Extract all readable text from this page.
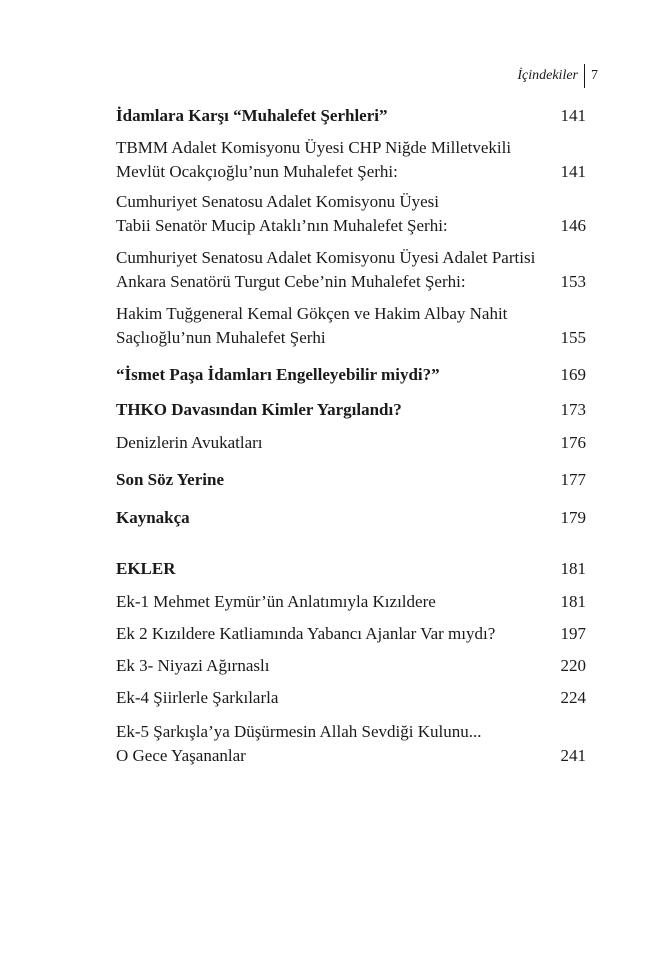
İçindekiler 7
İdamlara Karşı “Muhalefet Şerhleri”	141
TBMM Adalet Komisyonu Üyesi CHP Niğde Milletvekili
Mevlüt Ocakçıoğlu’nun Muhalefet Şerhi:	141
Cumhuriyet Senatosu Adalet Komisyonu Üyesi
Tabii Senatör Mucip Ataklı’nın Muhalefet Şerhi:	146
Cumhuriyet Senatosu Adalet Komisyonu Üyesi Adalet Partisi
Ankara Senatörü Turgut Cebe’nin Muhalefet Şerhi:	153
Hakim Tuğgeneral Kemal Gökçen ve Hakim Albay Nahit
Saçlıoğlu’nun Muhalefet Şerhi	155
“İsmet Paşa İdamları Engelleyebilir miydi?”	169
THKO Davasından Kimler Yargılandı?	173
Denizlerin Avukatları	176
Son Söz Yerine	177
Kaynakça	179
EKLER	181
Ek-1 Mehmet Eymür’ün Anlatımıyla Kızıldere	181
Ek 2 Kızıldere Katliamında Yabancı Ajanlar Var mıydı?	197
Ek 3- Niyazi Ağırnaslı	220
Ek-4 Şiirlerle Şarkılarla	224
Ek-5 Şarkışla’ya Düşürmesin Allah Sevdiği Kulunu...
O Gece Yaşananlar	241
